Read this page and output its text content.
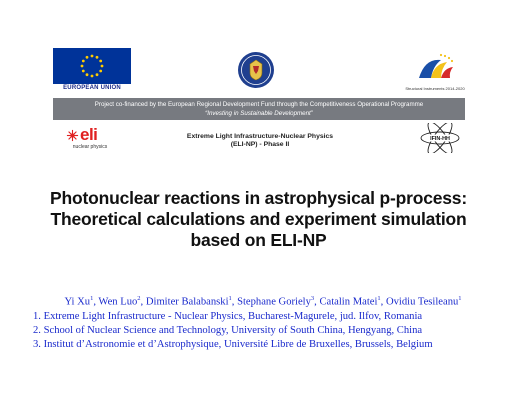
EUROPEAN UNION	Structural Instruments 2014-2020
Project co-financed by the European Regional Development Fund through the Competitiveness Operational Programme
“Investing in Sustainable Development”
eli
nuclear physics
Extreme Light Infrastructure-Nuclear Physics
(ELI-NP) - Phase II
IFIN-HH
Photonuclear reactions in astrophysical p-process:
Theoretical calculations and experiment simulation
based on ELI-NP
Yi Xu$^1$, Wen Luo$^2$, Dimiter Balabanski$^1$, Stephane Goriely$^3$, Catalin Matei$^1$, Ovidiu Tesileanu$^1$
1. Extreme Light Infrastructure - Nuclear Physics, Bucharest-Magurele, jud. Ilfov, Romania
2. School of Nuclear Science and Technology, University of South China, Hengyang, China
3. Institut d’Astronomie et d’Astrophysique, Université Libre de Bruxelles, Brussels, Belgium
